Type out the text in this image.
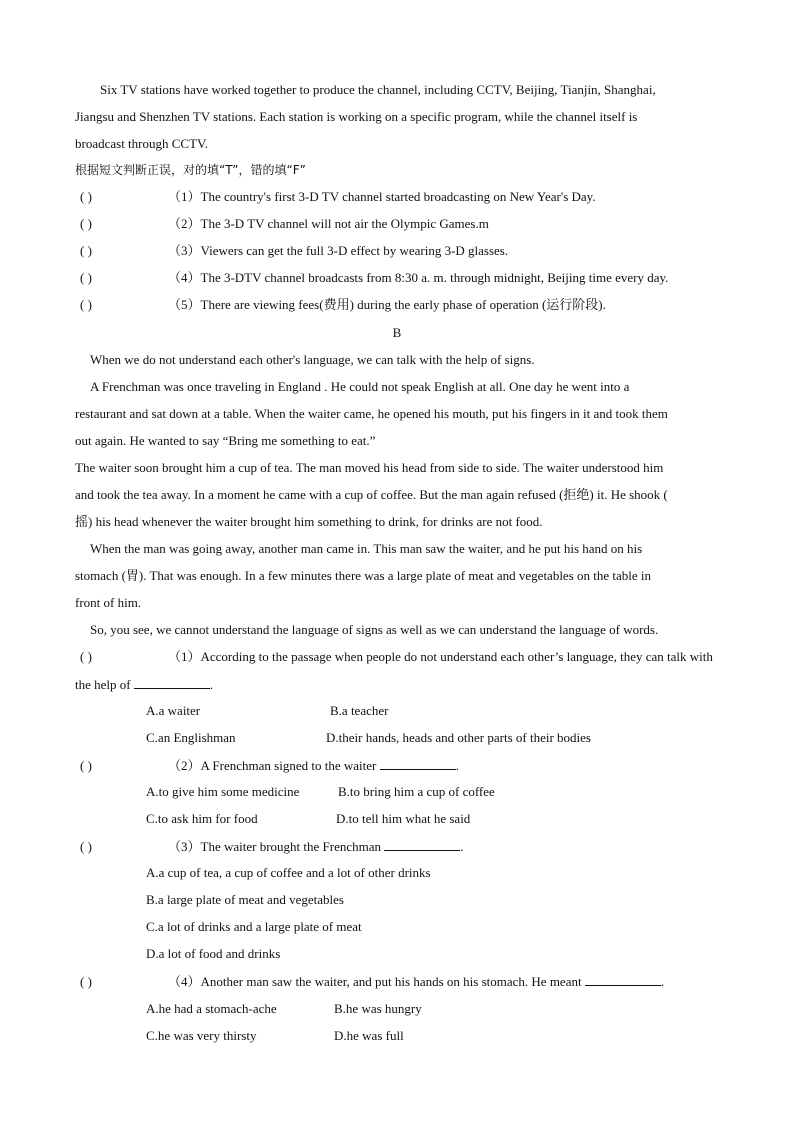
Six TV stations have worked together to produce the channel, including CCTV, Beijing, Tianjin, Shanghai,
Jiangsu and Shenzhen TV stations. Each station is working on a specific program, while the channel itself is
broadcast through CCTV.
根据短文判断正误，对的填“T”，错的填“F”
( )	（1）The country's first 3-D TV channel started broadcasting on New Year's Day.
( )	（2）The 3-D TV channel will not air the Olympic Games.m
( )	（3）Viewers can get the full 3-D effect by wearing 3-D glasses.
( )	（4）The 3-DTV channel broadcasts from 8:30 a. m. through midnight, Beijing time every day.
( )	（5）There are viewing fees(费用) during the early phase of operation (运行阶段).
B
When we do not understand each other's language, we can talk with the help of signs.
A Frenchman was once traveling in England . He could not speak English at all. One day he went into a
restaurant and sat down at a table. When the waiter came, he opened his mouth, put his fingers in it and took them
out again. He wanted to say “Bring me something to eat.”
The waiter soon brought him a cup of tea. The man moved his head from side to side. The waiter understood him
and took the tea away. In a moment he came with a cup of coffee. But the man again refused (拒绝) it. He shook (
摇) his head whenever the waiter brought him something to drink, for drinks are not food.
When the man was going away, another man came in. This man saw the waiter, and he put his hand on his
stomach (胃). That was enough. In a few minutes there was a large plate of meat and vegetables on the table in
front of him.
So, you see, we cannot understand the language of signs as well as we can understand the language of words.
( )	（1）According to the passage when people do not understand each other’s language, they can talk with
the help of	.
A.a waiter	B.a teacher
C.an Englishman	D.their hands, heads and other parts of their bodies
( )	（2）A Frenchman signed to the waiter	.
A.to give him some medicine	B.to bring him a cup of coffee
C.to ask him for food	D.to tell him what he said
( )	（3）The waiter brought the Frenchman	.
A.a cup of tea, a cup of coffee and a lot of other drinks
B.a large plate of meat and vegetables
C.a lot of drinks and a large plate of meat
D.a lot of food and drinks
( )	（4）Another man saw the waiter, and put his hands on his stomach. He meant	.
A.he had a stomach-ache	B.he was hungry
C.he was very thirsty	D.he was full
